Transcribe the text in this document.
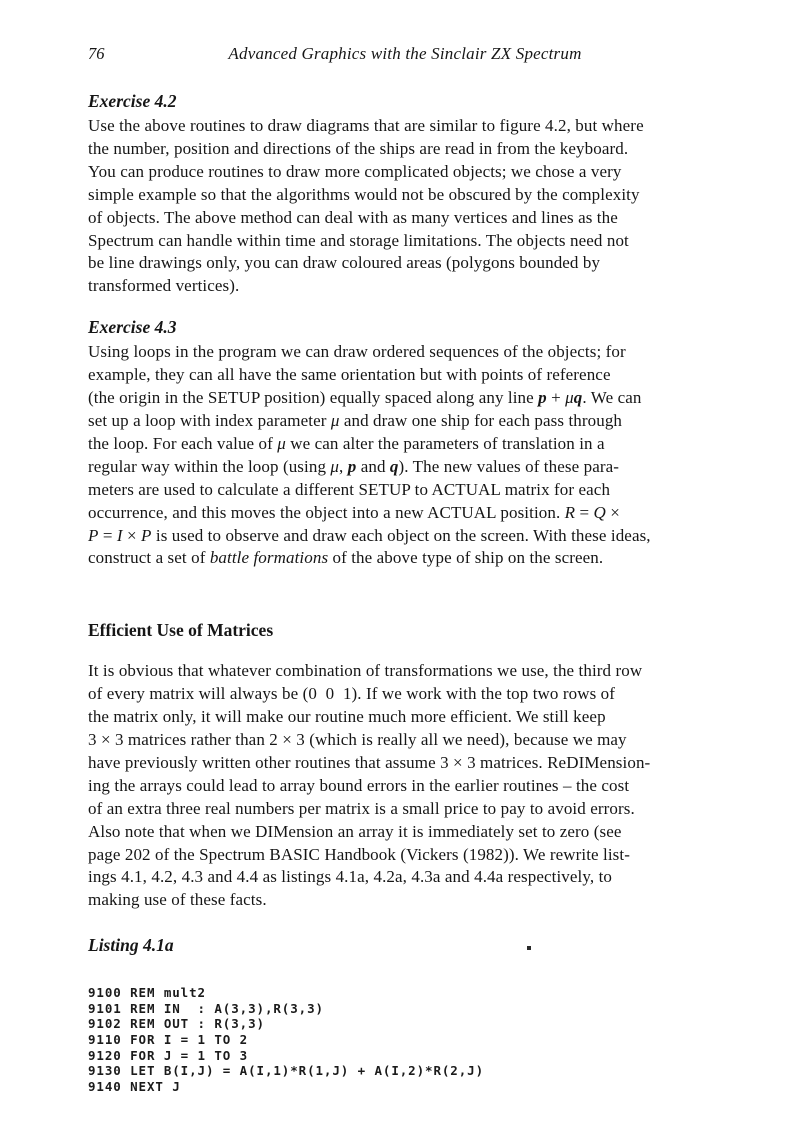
76	Advanced Graphics with the Sinclair ZX Spectrum
Exercise 4.2
Use the above routines to draw diagrams that are similar to figure 4.2, but where
the number, position and directions of the ships are read in from the keyboard.
You can produce routines to draw more complicated objects; we chose a very
simple example so that the algorithms would not be obscured by the complexity
of objects. The above method can deal with as many vertices and lines as the
Spectrum can handle within time and storage limitations. The objects need not
be line drawings only, you can draw coloured areas (polygons bounded by
transformed vertices).
Exercise 4.3
Using loops in the program we can draw ordered sequences of the objects; for
example, they can all have the same orientation but with points of reference
(the origin in the SETUP position) equally spaced along any line p + μq. We can
set up a loop with index parameter μ and draw one ship for each pass through
the loop. For each value of μ we can alter the parameters of translation in a
regular way within the loop (using μ, p and q). The new values of these para-
meters are used to calculate a different SETUP to ACTUAL matrix for each
occurrence, and this moves the object into a new ACTUAL position. R = Q ×
P = I × P is used to observe and draw each object on the screen. With these ideas,
construct a set of battle formations of the above type of ship on the screen.
Efficient Use of Matrices
It is obvious that whatever combination of transformations we use, the third row
of every matrix will always be (0  0  1). If we work with the top two rows of
the matrix only, it will make our routine much more efficient. We still keep
3 × 3 matrices rather than 2 × 3 (which is really all we need), because we may
have previously written other routines that assume 3 × 3 matrices. ReDIMension-
ing the arrays could lead to array bound errors in the earlier routines – the cost
of an extra three real numbers per matrix is a small price to pay to avoid errors.
Also note that when we DIMension an array it is immediately set to zero (see
page 202 of the Spectrum BASIC Handbook (Vickers (1982)). We rewrite list-
ings 4.1, 4.2, 4.3 and 4.4 as listings 4.1a, 4.2a, 4.3a and 4.4a respectively, to
making use of these facts.
Listing 4.1a
9100 REM mult2
9101 REM IN  : A(3,3),R(3,3)
9102 REM OUT : R(3,3)
9110 FOR I = 1 TO 2
9120 FOR J = 1 TO 3
9130 LET B(I,J) = A(I,1)*R(1,J) + A(I,2)*R(2,J)
9140 NEXT J
